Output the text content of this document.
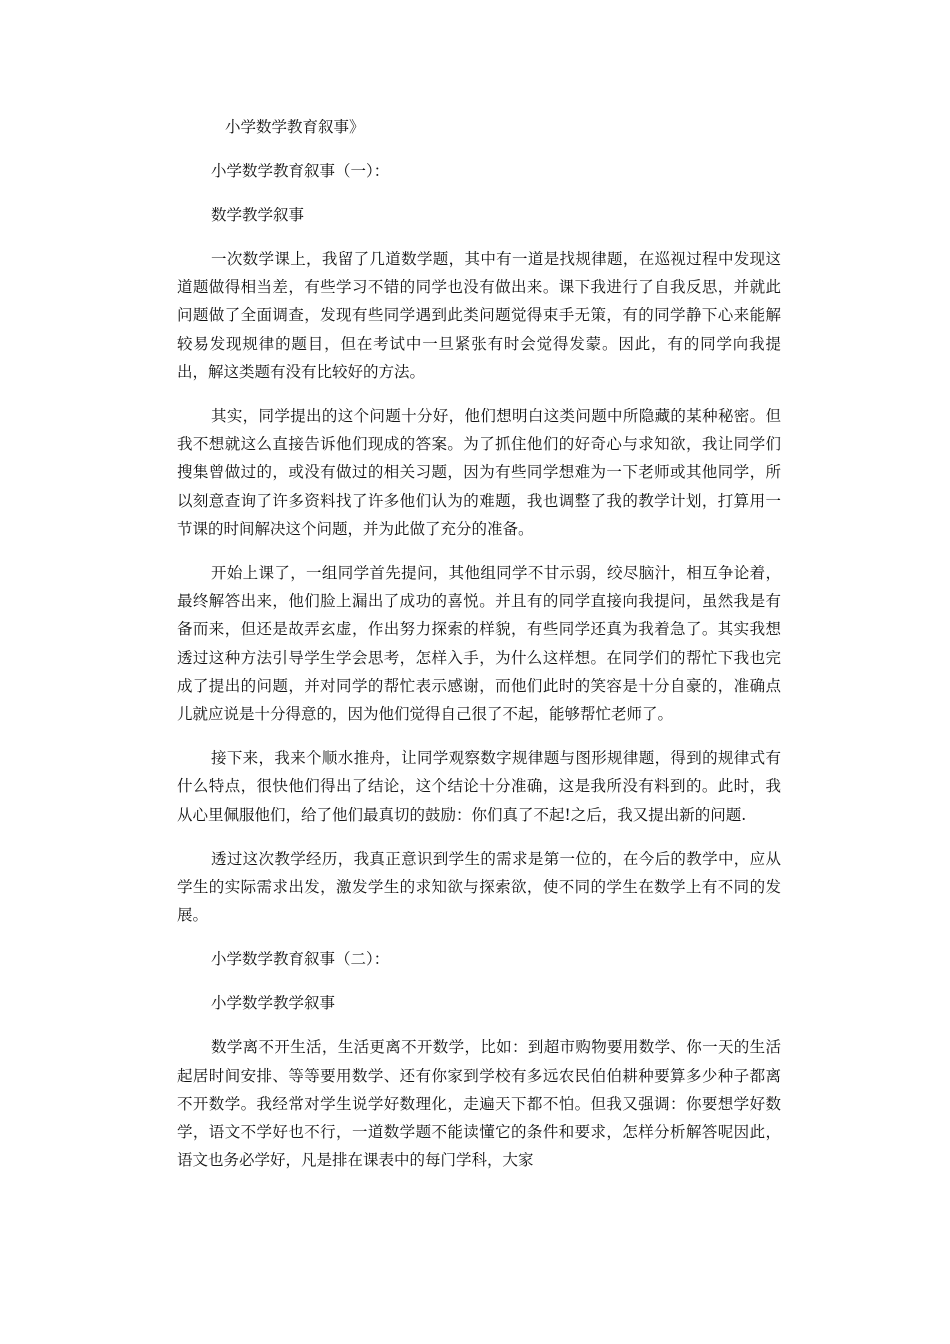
小学数学教育叙事》
小学数学教育叙事（一）：
数学教学叙事

一次数学课上，我留了几道数学题，其中有一道是找规律题，在巡视过程中发现这道题做得相当差，有些学习不错的同学也没有做出来。课下我进行了自我反思，并就此问题做了全面调查，发现有些同学遇到此类问题觉得束手无策，有的同学静下心来能解较易发现规律的题目，但在考试中一旦紧张有时会觉得发蒙。因此，有的同学向我提出，解这类题有没有比较好的方法。

其实，同学提出的这个问题十分好，他们想明白这类问题中所隐藏的某种秘密。但我不想就这么直接告诉他们现成的答案。为了抓住他们的好奇心与求知欲，我让同学们搜集曾做过的，或没有做过的相关习题，因为有些同学想难为一下老师或其他同学，所以刻意查询了许多资料找了许多他们认为的难题，我也调整了我的教学计划，打算用一节课的时间解决这个问题，并为此做了充分的准备。

开始上课了，一组同学首先提问，其他组同学不甘示弱，绞尽脑汁，相互争论着，最终解答出来，他们脸上漏出了成功的喜悦。并且有的同学直接向我提问，虽然我是有备而来，但还是故弄玄虚，作出努力探索的样貌，有些同学还真为我着急了。其实我想透过这种方法引导学生学会思考，怎样入手，为什么这样想。在同学们的帮忙下我也完成了提出的问题，并对同学的帮忙表示感谢，而他们此时的笑容是十分自豪的，准确点儿就应说是十分得意的，因为他们觉得自己很了不起，能够帮忙老师了。

接下来，我来个顺水推舟，让同学观察数字规律题与图形规律题，得到的规律式有什么特点，很快他们得出了结论，这个结论十分准确，这是我所没有料到的。此时，我从心里佩服他们，给了他们最真切的鼓励：你们真了不起!之后，我又提出新的问题.

透过这次教学经历，我真正意识到学生的需求是第一位的，在今后的教学中，应从学生的实际需求出发，激发学生的求知欲与探索欲，使不同的学生在数学上有不同的发展。

小学数学教育叙事（二）：
小学数学教学叙事

数学离不开生活，生活更离不开数学，比如：到超市购物要用数学、你一天的生活起居时间安排、等等要用数学、还有你家到学校有多远农民伯伯耕种要算多少种子都离不开数学。我经常对学生说学好数理化，走遍天下都不怕。但我又强调：你要想学好数学，语文不学好也不行，一道数学题不能读懂它的条件和要求，怎样分析解答呢因此，语文也务必学好，凡是排在课表中的每门学科，大家
